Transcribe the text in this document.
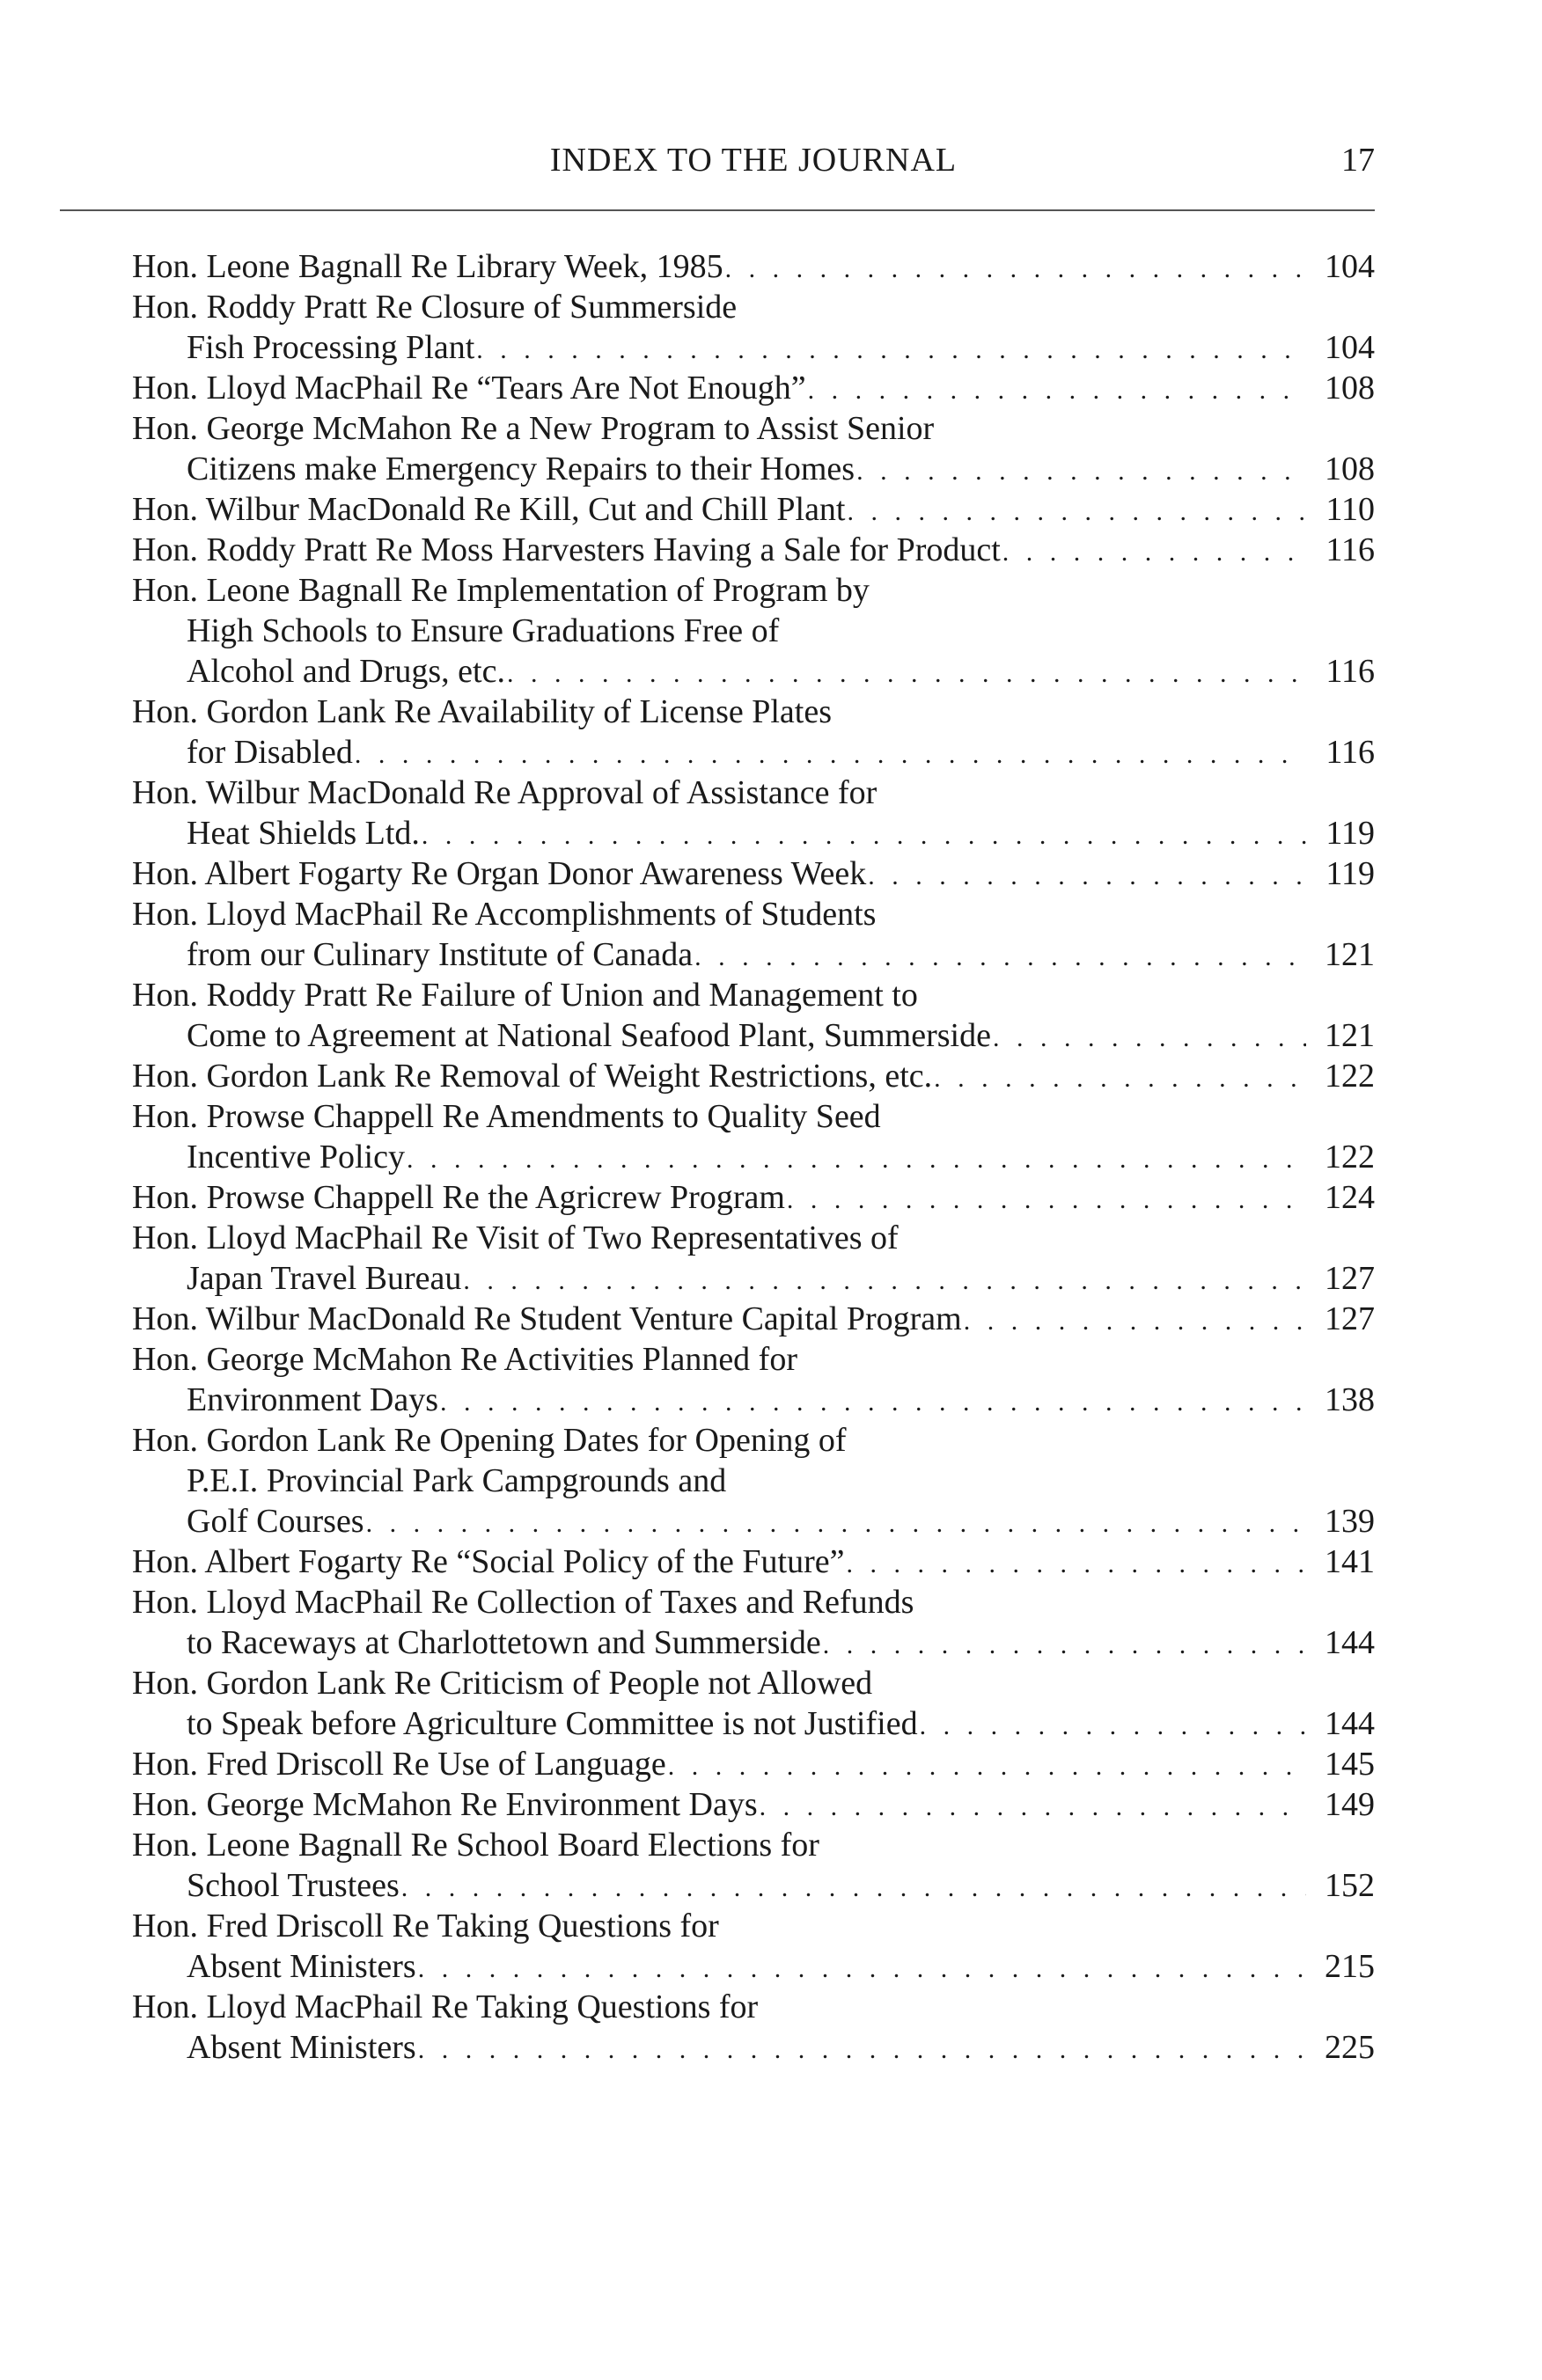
INDEX TO THE JOURNAL	17
Hon. Leone Bagnall Re Library Week, 1985 . . .	104
Hon. Roddy Pratt Re Closure of Summerside
Fish Processing Plant . . .	104
Hon. Lloyd MacPhail Re “Tears Are Not Enough” . . .	108
Hon. George McMahon Re a New Program to Assist Senior
Citizens make Emergency Repairs to their Homes . . .	108
Hon. Wilbur MacDonald Re Kill, Cut and Chill Plant . . .	110
Hon. Roddy Pratt Re Moss Harvesters Having a Sale for Product . . .	116
Hon. Leone Bagnall Re Implementation of Program by
High Schools to Ensure Graduations Free of
Alcohol and Drugs, etc. . . .	116
Hon. Gordon Lank Re Availability of License Plates
for Disabled . . .	116
Hon. Wilbur MacDonald Re Approval of Assistance for
Heat Shields Ltd. . . .	119
Hon. Albert Fogarty Re Organ Donor Awareness Week . . .	119
Hon. Lloyd MacPhail Re Accomplishments of Students
from our Culinary Institute of Canada . . .	121
Hon. Roddy Pratt Re Failure of Union and Management to
Come to Agreement at National Seafood Plant, Summerside . . .	121
Hon. Gordon Lank Re Removal of Weight Restrictions, etc. . . .	122
Hon. Prowse Chappell Re Amendments to Quality Seed
Incentive Policy . . .	122
Hon. Prowse Chappell Re the Agricrew Program . . .	124
Hon. Lloyd MacPhail Re Visit of Two Representatives of
Japan Travel Bureau . . .	127
Hon. Wilbur MacDonald Re Student Venture Capital Program . . .	127
Hon. George McMahon Re Activities Planned for
Environment Days . . .	138
Hon. Gordon Lank Re Opening Dates for Opening of
P.E.I. Provincial Park Campgrounds and
Golf Courses . . .	139
Hon. Albert Fogarty Re “Social Policy of the Future” . . .	141
Hon. Lloyd MacPhail Re Collection of Taxes and Refunds
to Raceways at Charlottetown and Summerside . . .	144
Hon. Gordon Lank Re Criticism of People not Allowed
to Speak before Agriculture Committee is not Justified . . .	144
Hon. Fred Driscoll Re Use of Language . . .	145
Hon. George McMahon Re Environment Days . . .	149
Hon. Leone Bagnall Re School Board Elections for
School Trustees . . .	152
Hon. Fred Driscoll Re Taking Questions for
Absent Ministers . . .	215
Hon. Lloyd MacPhail Re Taking Questions for
Absent Ministers . . .	225
